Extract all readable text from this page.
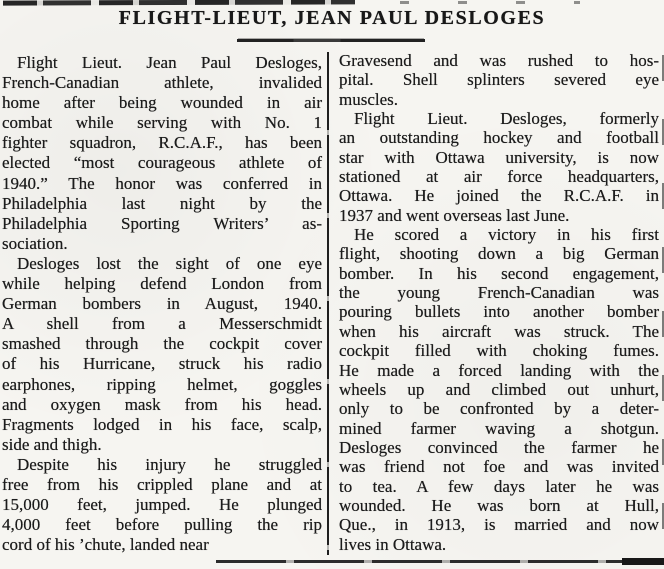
FLIGHT-LIEUT, JEAN PAUL DESLOGES
Flight Lieut. Jean Paul Desloges,
French-Canadian athlete, invalided
home after being wounded in air
combat while serving with No. 1
fighter squadron, R.C.A.F., has been
elected “most courageous athlete of
1940.” The honor was conferred in
Philadelphia last night by the
Philadelphia Sporting Writers’ as-
sociation.
Desloges lost the sight of one eye
while helping defend London from
German bombers in August, 1940.
A shell from a Messerschmidt
smashed through the cockpit cover
of his Hurricane, struck his radio
earphones, ripping helmet, goggles
and oxygen mask from his head.
Fragments lodged in his face, scalp,
side and thigh.
Despite his injury he struggled
free from his crippled plane and at
15,000 feet, jumped. He plunged
4,000 feet before pulling the rip
cord of his ’chute, landed near
Gravesend and was rushed to hos-
pital. Shell splinters severed eye
muscles.
Flight Lieut. Desloges, formerly
an outstanding hockey and football
star with Ottawa university, is now
stationed at air force headquarters,
Ottawa. He joined the R.C.A.F. in
1937 and went overseas last June.
He scored a victory in his first
flight, shooting down a big German
bomber. In his second engagement,
the young French-Canadian was
pouring bullets into another bomber
when his aircraft was struck. The
cockpit filled with choking fumes.
He made a forced landing with the
wheels up and climbed out unhurt,
only to be confronted by a deter-
mined farmer waving a shotgun.
Desloges convinced the farmer he
was friend not foe and was invited
to tea. A few days later he was
wounded. He was born at Hull,
Que., in 1913, is married and now
lives in Ottawa.
